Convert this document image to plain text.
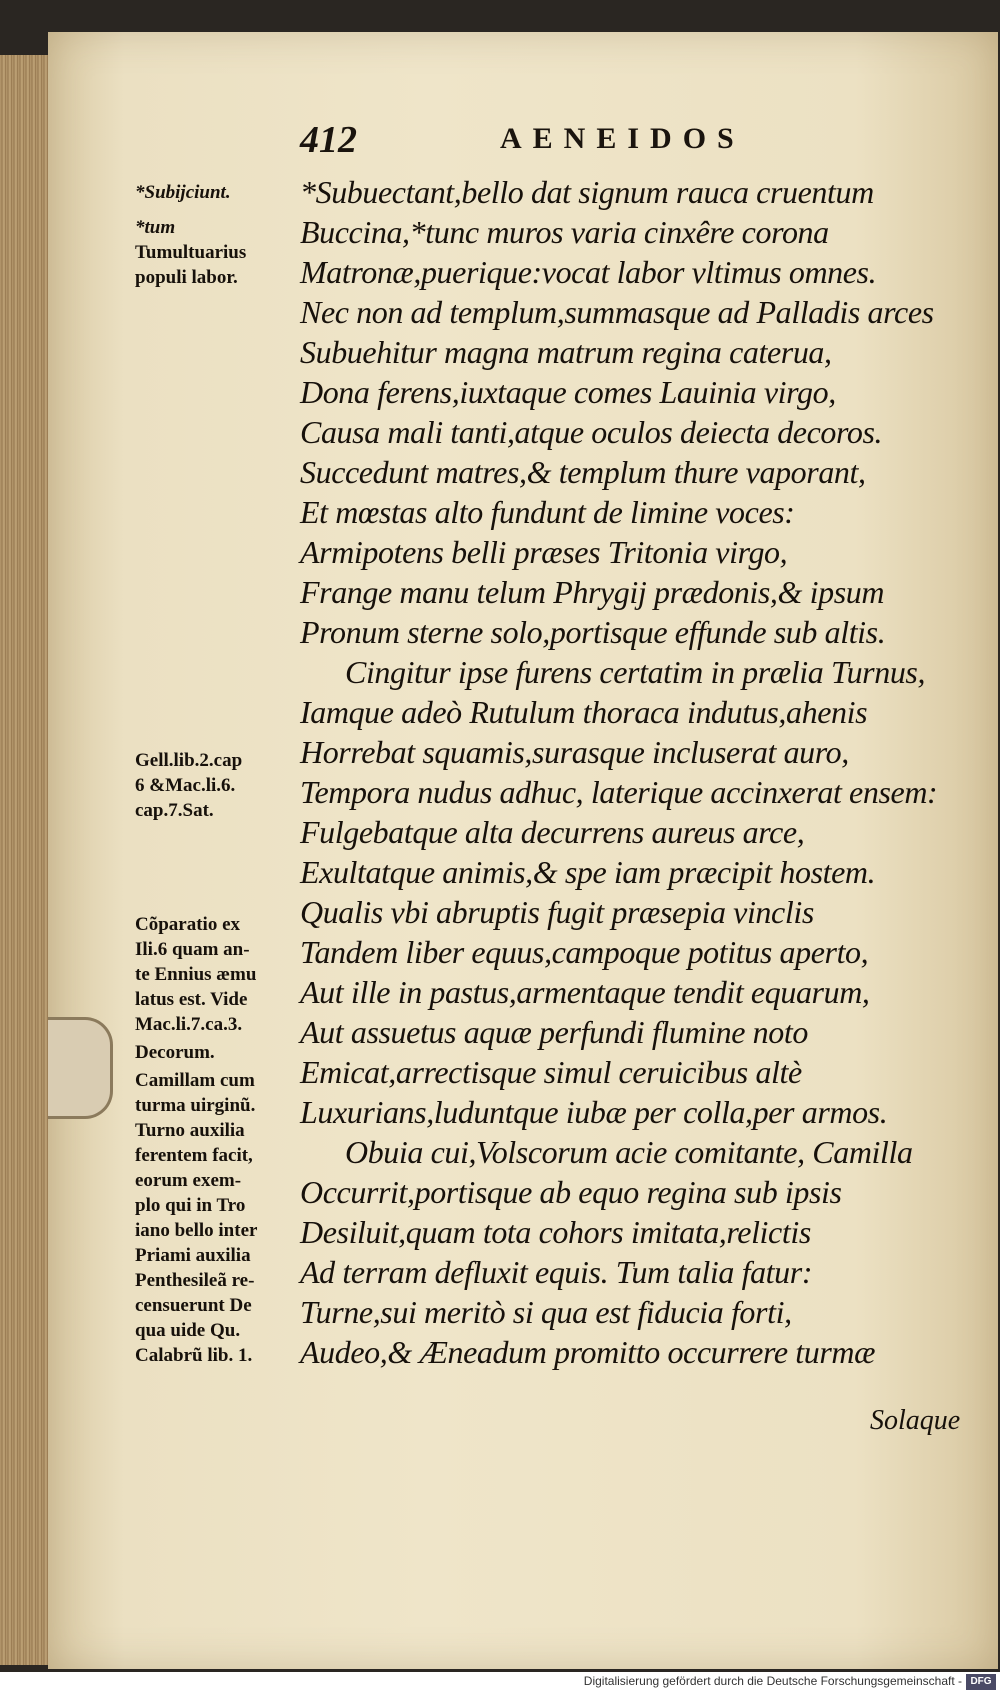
412	AENEIDOS
*Subuectant,bello dat signum rauca cruentum
Buccina,*tunc muros varia cinxêre corona
Matronæ,puerique:vocat labor vltimus omnes.
Nec non ad templum,summasque ad Palladis arces
Subuehitur magna matrum regina caterua,
Dona ferens,iuxtaque comes Lauinia virgo,
Causa mali tanti,atque oculos deiecta decoros.
Succedunt matres,& templum thure vaporant,
Et mœstas alto fundunt de limine voces:
Armipotens belli præses Tritonia virgo,
Frange manu telum Phrygij prædonis,& ipsum
Pronum sterne solo,portisque effunde sub altis.
Cingitur ipse furens certatim in prælia Turnus,
Iamque adeò Rutulum thoraca indutus,ahenis
Horrebat squamis,surasque incluserat auro,
Tempora nudus adhuc, laterique accinxerat ensem:
Fulgebatque alta decurrens aureus arce,
Exultatque animis,& spe iam præcipit hostem.
Qualis vbi abruptis fugit præsepia vinclis
Tandem liber equus,campoque potitus aperto,
Aut ille in pastus,armentaque tendit equarum,
Aut assuetus aquæ perfundi flumine noto
Emicat,arrectisque simul ceruicibus altè
Luxurians,luduntque iubæ per colla,per armos.
Obuia cui,Volscorum acie comitante, Camilla
Occurrit,portisque ab equo regina sub ipsis
Desiluit,quam tota cohors imitata,relictis
Ad terram defluxit equis. Tum talia fatur:
Turne,sui meritò si qua est fiducia forti,
Audeo,& Æneadum promitto occurrere turmæ
Solaque
*Subijciunt.
*tum
Tumultuarius
populi labor.
Gell.lib.2.cap
6 &Mac.li.6.
cap.7.Sat.
Cõparatio ex
Ili.6 quam an-
te Ennius æmu
latus est. Vide
Mac.li.7.ca.3.
Decorum.
Camillam cum
turma uirginũ.
Turno auxilia
ferentem facit,
eorum exem-
plo qui in Tro
iano bello inter
Priami auxilia
Penthesileã re-
censuerunt De
qua uide Qu.
Calabrũ lib. 1.
Digitalisierung gefördert durch die Deutsche Forschungsgemeinschaft - DFG
